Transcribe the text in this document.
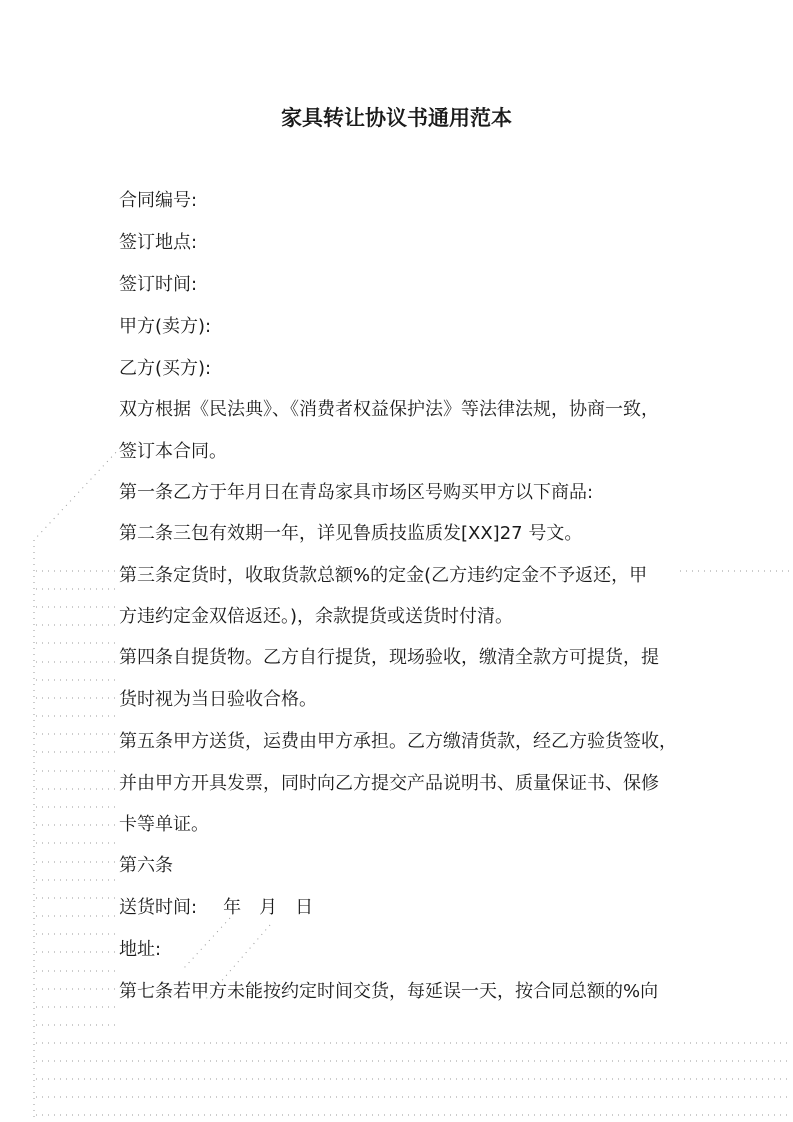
家具转让协议书通用范本

合同编号:

签订地点:

签订时间:

甲方(卖方):

乙方(买方):

双方根据《民法典》、《消费者权益保护法》等法律法规，协商一致，

签订本合同。

第一条乙方于年月日在青岛家具市场区号购买甲方以下商品:

第二条三包有效期一年，详见鲁质技监质发[XX]27 号文。

第三条定货时，收取货款总额%的定金(乙方违约定金不予返还，甲

方违约定金双倍返还。)，余款提货或送货时付清。

第四条自提货物。乙方自行提货，现场验收，缴清全款方可提货，提

货时视为当日验收合格。

第五条甲方送货，运费由甲方承担。乙方缴清货款，经乙方验货签收，

并由甲方开具发票，同时向乙方提交产品说明书、质量保证书、保修

卡等单证。

第六条

送货时间: 年 月 日

地址:

第七条若甲方未能按约定时间交货，每延误一天，按合同总额的%向
